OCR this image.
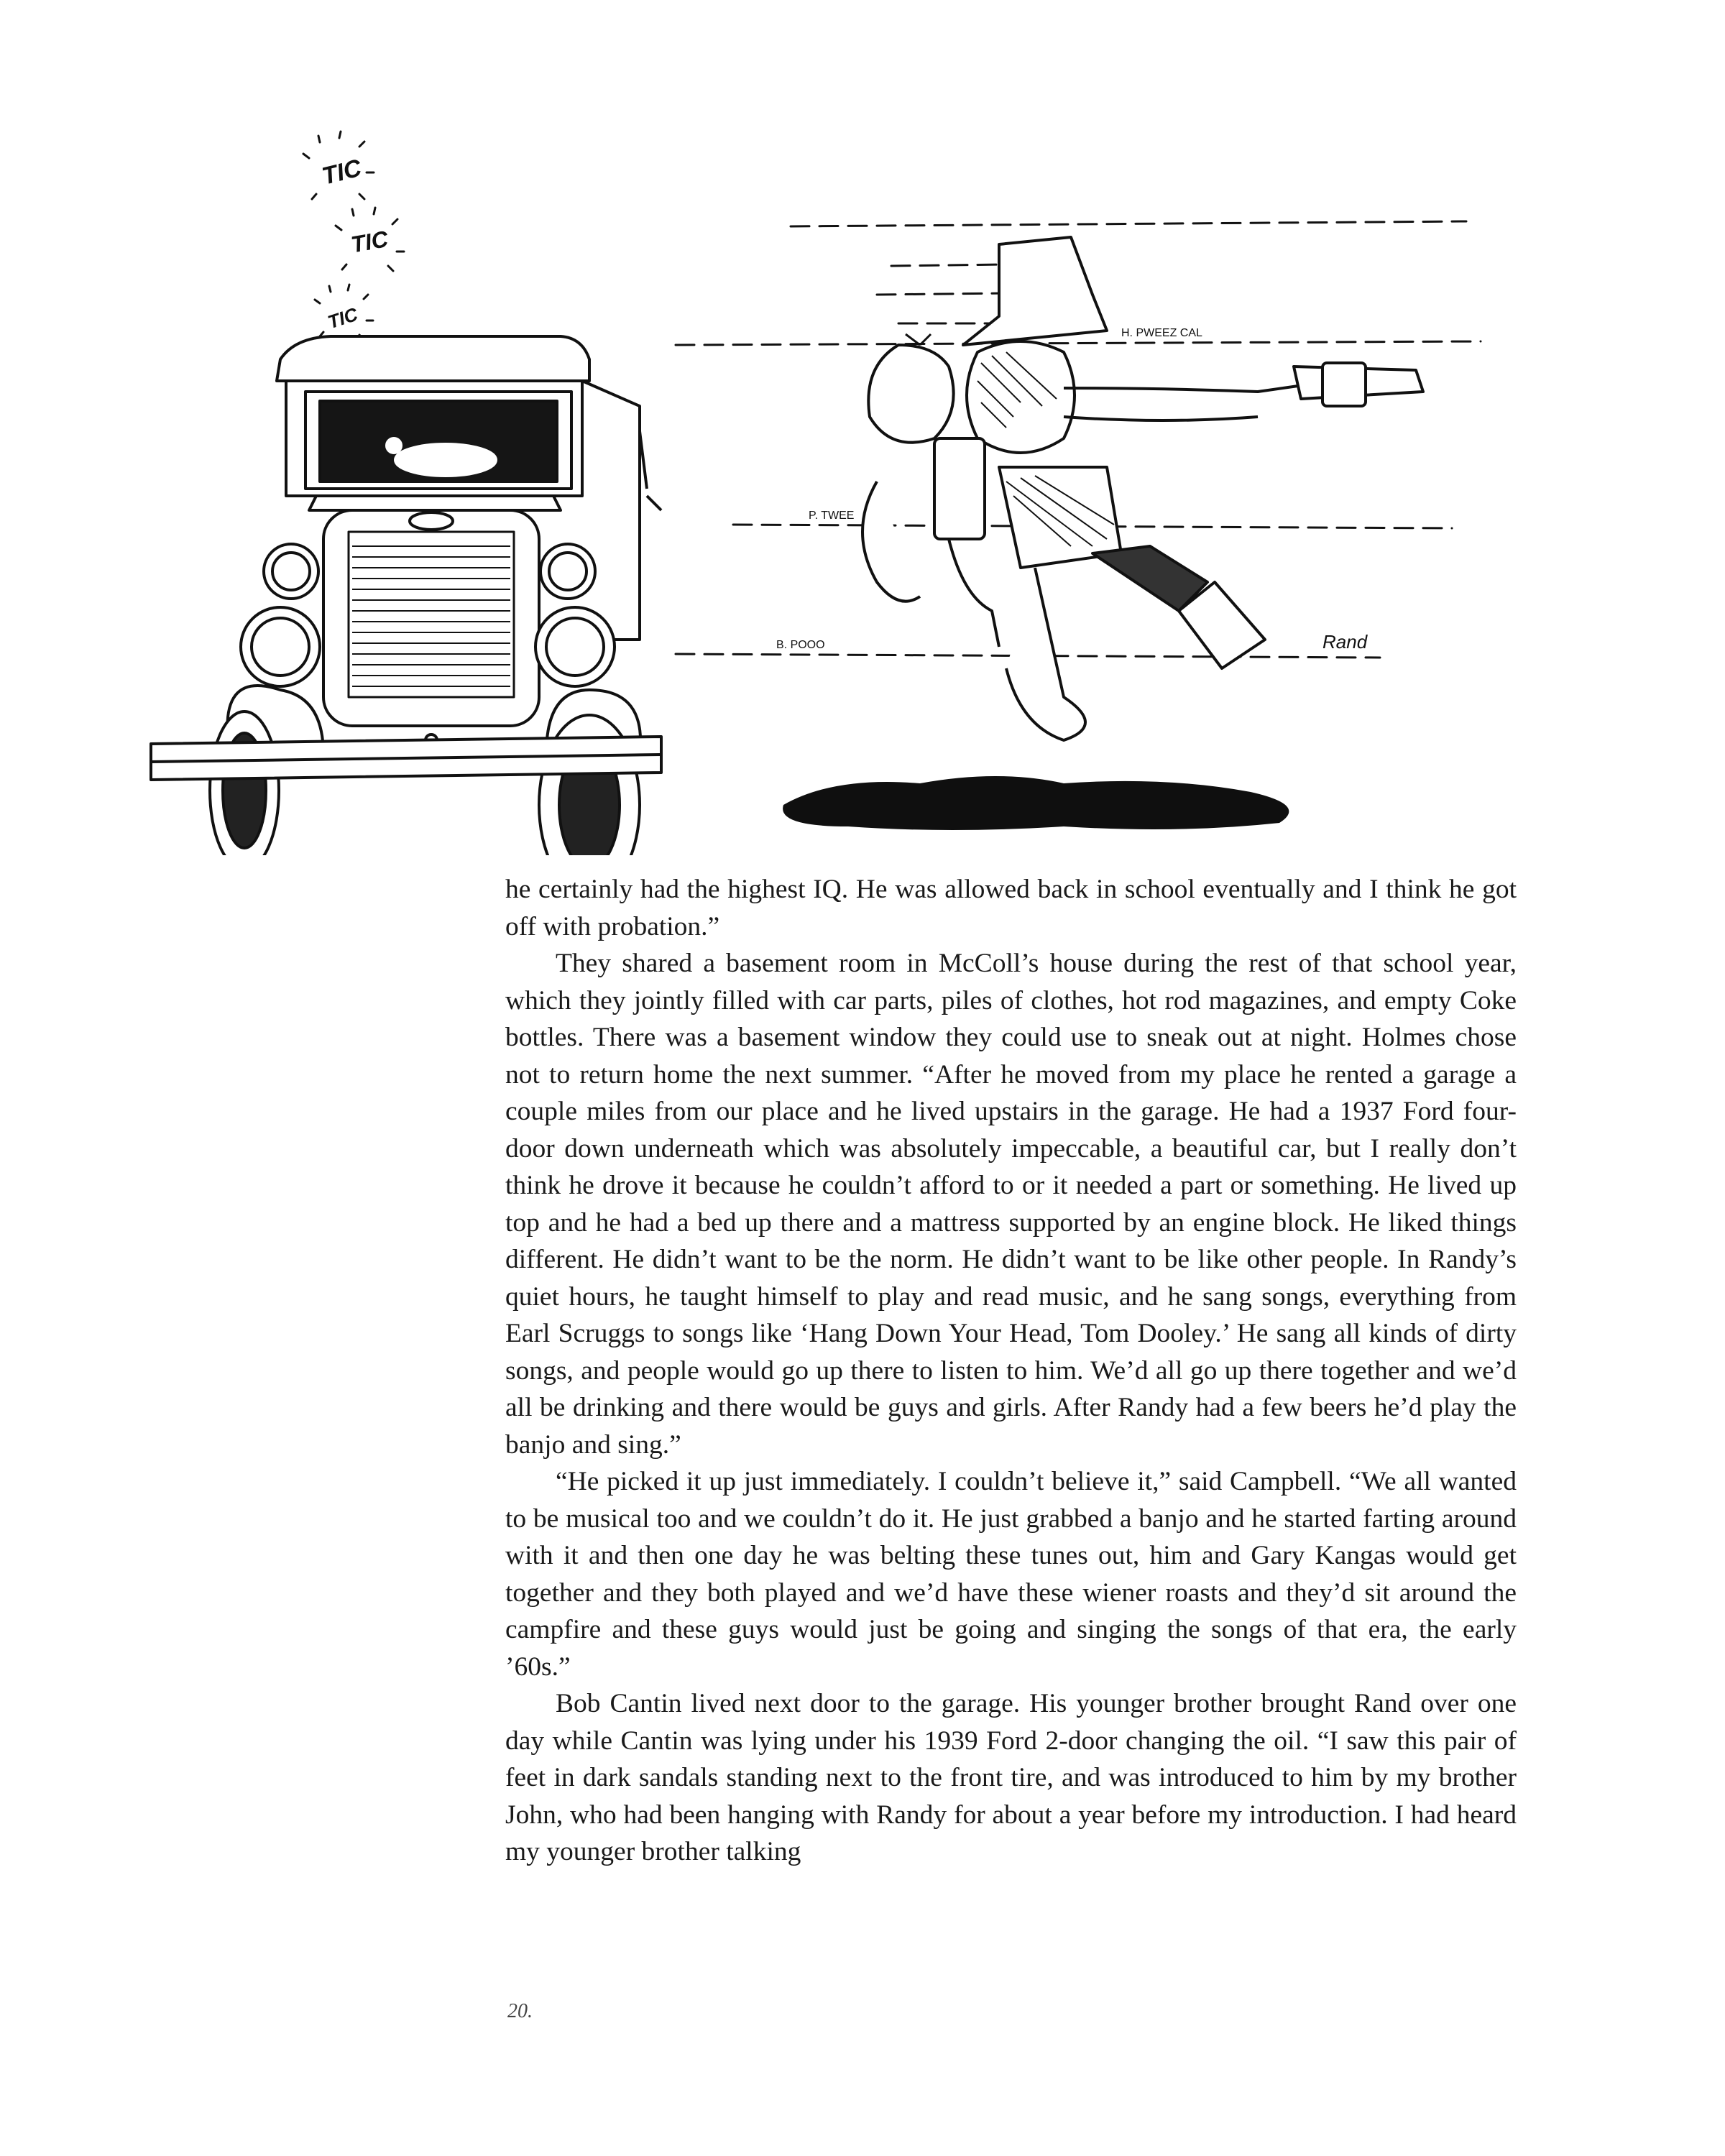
TIC
TIC
TIC
H. PWEEZ CAL
P. TWEE
B. POOO	Rand

he certainly had the highest IQ. He was allowed back in school eventually and I think he got off with probation.”

They shared a basement room in McColl’s house during the rest of that school year, which they jointly filled with car parts, piles of clothes, hot rod magazines, and empty Coke bottles. There was a basement window they could use to sneak out at night. Holmes chose not to return home the next summer. “After he moved from my place he rented a garage a couple miles from our place and he lived upstairs in the garage. He had a 1937 Ford four-door down underneath which was absolutely impeccable, a beautiful car, but I really don’t think he drove it because he couldn’t afford to or it needed a part or something. He lived up top and he had a bed up there and a mattress supported by an engine block. He liked things different. He didn’t want to be the norm. He didn’t want to be like other people. In Randy’s quiet hours, he taught himself to play and read music, and he sang songs, everything from Earl Scruggs to songs like ‘Hang Down Your Head, Tom Dooley.’ He sang all kinds of dirty songs, and people would go up there to listen to him. We’d all go up there together and we’d all be drinking and there would be guys and girls. After Randy had a few beers he’d play the banjo and sing.”

“He picked it up just immediately. I couldn’t believe it,” said Campbell. “We all wanted to be musical too and we couldn’t do it. He just grabbed a banjo and he started farting around with it and then one day he was belting these tunes out, him and Gary Kangas would get together and they both played and we’d have these wiener roasts and they’d sit around the campfire and these guys would just be going and singing the songs of that era, the early ’60s.”

Bob Cantin lived next door to the garage. His younger brother brought Rand over one day while Cantin was lying under his 1939 Ford 2-door changing the oil. “I saw this pair of feet in dark sandals standing next to the front tire, and was introduced to him by my brother John, who had been hanging with Randy for about a year before my introduction. I had heard my younger brother talking

20.
